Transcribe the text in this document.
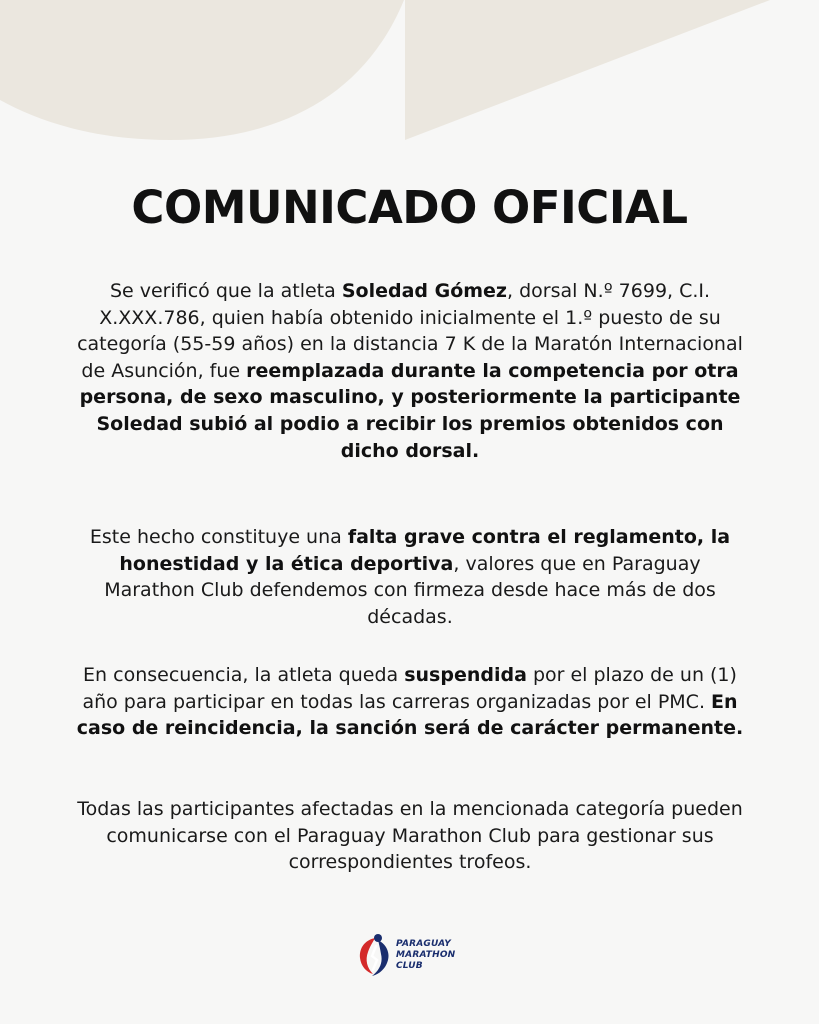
COMUNICADO OFICIAL

Se verificó que la atleta Soledad Gómez, dorsal N.º 7699, C.I. X.XXX.786, quien había obtenido inicialmente el 1.º puesto de su categoría (55-59 años) en la distancia 7 K de la Maratón Internacional de Asunción, fue reemplazada durante la competencia por otra persona, de sexo masculino, y posteriormente la participante Soledad subió al podio a recibir los premios obtenidos con dicho dorsal.

Este hecho constituye una falta grave contra el reglamento, la honestidad y la ética deportiva, valores que en Paraguay Marathon Club defendemos con firmeza desde hace más de dos décadas.

En consecuencia, la atleta queda suspendida por el plazo de un (1) año para participar en todas las carreras organizadas por el PMC. En caso de reincidencia, la sanción será de carácter permanente.

Todas las participantes afectadas en la mencionada categoría pueden comunicarse con el Paraguay Marathon Club para gestionar sus correspondientes trofeos.

PARAGUAY
MARATHON
CLUB
